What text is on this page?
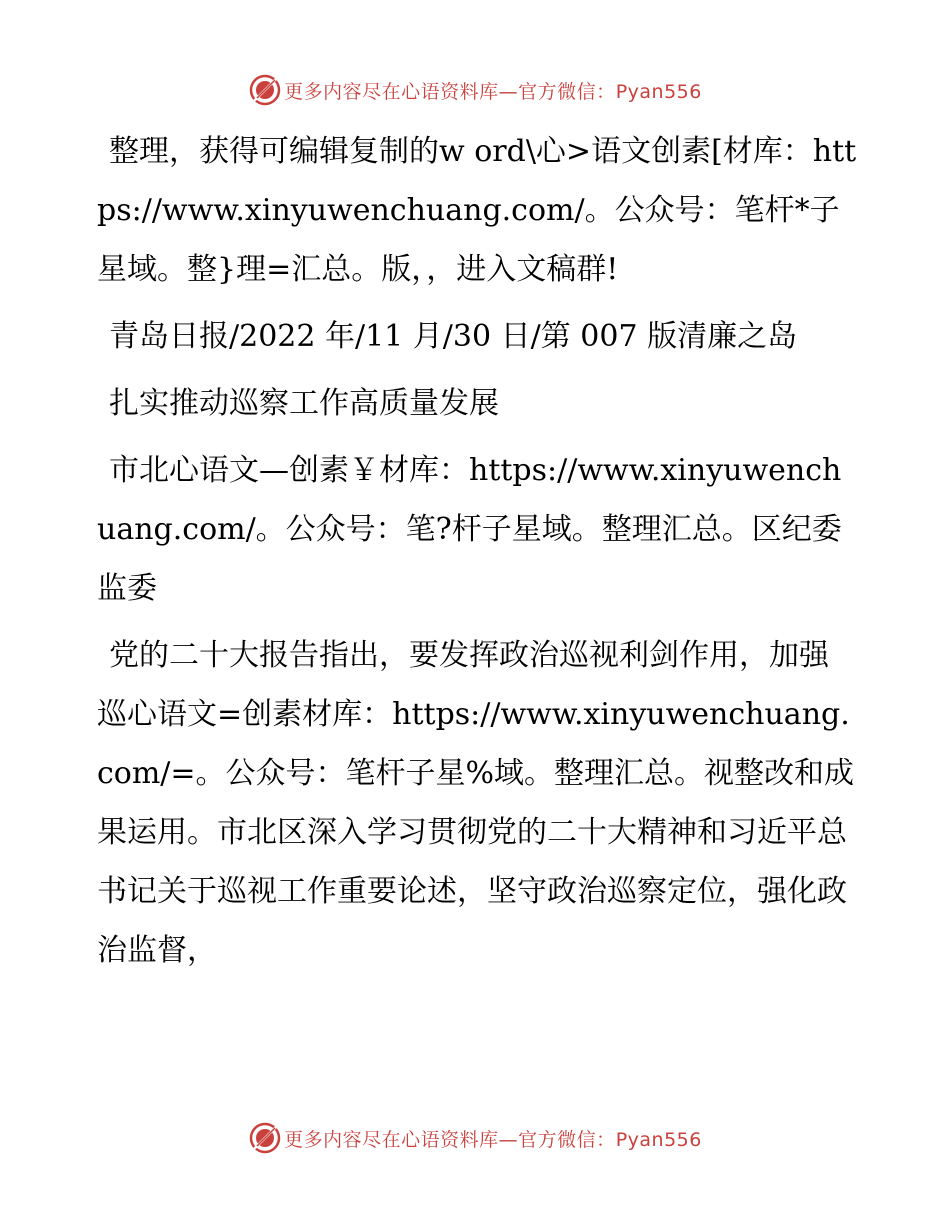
更多内容尽在心语资料库—官方微信：Pyan556

整理，获得可编辑复制的w ord\心>语文创素[材库：https://www.xinyuwenchuang.com/。公众号：笔杆*子星域。整}理=汇总。版，，进入文稿群!

青岛日报/2022 年/11 月/30 日/第 007 版清廉之岛

扎实推动巡察工作高质量发展

市北心语文—创素￥材库：https://www.xinyuwenchuang.com/。公众号：笔?杆子星域。整理汇总。区纪委监委

党的二十大报告指出，要发挥政治巡视利剑作用，加强巡心语文=创素材库：https://www.xinyuwenchuang.com/=。公众号：笔杆子星%域。整理汇总。视整改和成果运用。市北区深入学习贯彻党的二十大精神和习近平总书记关于巡视工作重要论述，坚守政治巡察定位，强化政治监督，

更多内容尽在心语资料库—官方微信：Pyan556
